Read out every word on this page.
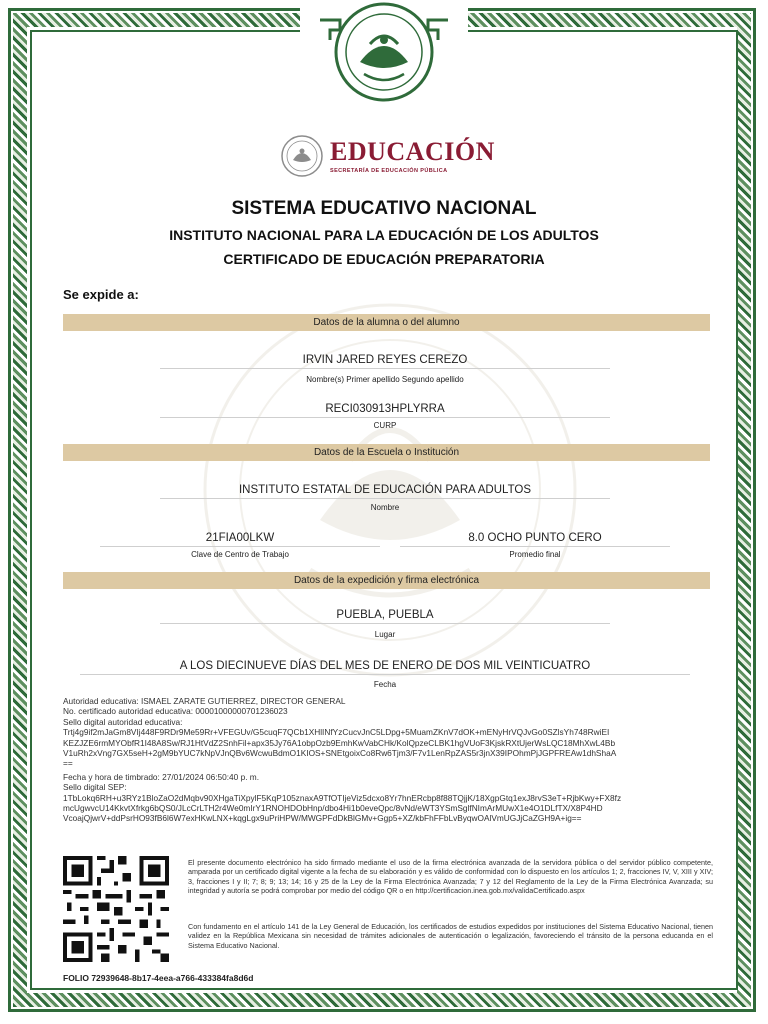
EDUCACIÓN
SECRETARÍA DE EDUCACIÓN PÚBLICA
SISTEMA EDUCATIVO NACIONAL
INSTITUTO NACIONAL PARA LA EDUCACIÓN DE LOS ADULTOS
CERTIFICADO DE EDUCACIÓN PREPARATORIA
Se expide a:
Datos de la alumna o del alumno
IRVIN JARED REYES CEREZO
Nombre(s) Primer apellido Segundo apellido
RECI030913HPLYRRA
CURP
Datos de la Escuela o Institución
INSTITUTO ESTATAL DE EDUCACIÓN PARA ADULTOS
Nombre
21FIA00LKW
Clave de Centro de Trabajo
8.0 OCHO PUNTO CERO
Promedio final
Datos de la expedición y firma electrónica
PUEBLA, PUEBLA
Lugar
A LOS DIECINUEVE DÍAS DEL MES DE ENERO DE DOS MIL VEINTICUATRO
Fecha
Autoridad educativa: ISMAEL ZARATE GUTIERREZ, DIRECTOR GENERAL
No. certificado autoridad educativa: 00001000000701236023
Sello digital autoridad educativa:
Trtj4g9if2mJaGm8VIj448F9RDr9Me59Rr+VFEGUv/G5cuqF7QCb1XHlINfYzCucvJnC5LDpg+5MuamZKnV7dOK+mENyHrVQJvGo0SZlsYh748RwiEI
KEZJZE6rmMYObfR1I48A8Sw/RJ1HtVdZ2SnhFil+apx35Jy76A1obpOzb9EmhKwVabCHk/KolQpzeCLBK1hgVUoF3KjskRXtUjerWsLQC18MhXwL4Bb
V1uRh2xVng7GX5seH+2gM9bYUC7kNpVJnQBv6WcwuBdmO1KIOS+SNEtgoixCo8Rw6Tjm3/F7v1LenRpZAS5r3jnX39IPOhmPjJGPFREAw1dhShaA
==
Fecha y hora de timbrado: 27/01/2024 06:50:40 p. m.
Sello digital SEP:
1TbLokq6RH+u3RYz1BloZaO2dMqbv90XHgaTiXpylF5KqP105znaxA9TfOTIjeViz5dcxo8Yr7hnERcbp8f88TQjjK/18XgpGtq1exJ8rvS3eT+RjbKwy+FX8fz
mcUgwvcU14KkvtXfrkg6bQS0/JLcCrLTH2r4We0mIrY1RNOHDObHnp/dbo4Hi1b0eveQpc/8vNd/eWT3YSmSglfNImArMUwX1e4O1DLfTX/X8P4HD
VcoajQjwrV+ddPsrHO93fB6l6W7exHKwLNX+kqgLgx9uPriHPW/MWGPFdDkBlGMv+Ggp5+XZ/kbFhFFbLvByqwOAlVmUGJjCaZGH9A+ig==
El presente documento electrónico ha sido firmado mediante el uso de la firma electrónica avanzada de la servidora pública o del servidor público competente, amparada por un certificado digital vigente a la fecha de su elaboración y es válido de conformidad con lo dispuesto en los artículos 1; 2, fracciones IV, V, XIII y XIV; 3, fracciones I y II; 7; 8; 9; 13; 14; 16 y 25 de la Ley de la Firma Electrónica Avanzada; 7 y 12 del Reglamento de la Ley de la Firma Electrónica Avanzada; su integridad y autoría se podrá comprobar por medio del código QR o en http://certificacion.inea.gob.mx/validaCertificado.aspx
Con fundamento en el artículo 141 de la Ley General de Educación, los certificados de estudios expedidos por instituciones del Sistema Educativo Nacional, tienen validez en la República Mexicana sin necesidad de trámites adicionales de autenticación o legalización, favoreciendo el tránsito de la persona educanda en el Sistema Educativo Nacional.
FOLIO 72939648-8b17-4eea-a766-433384fa8d6d
